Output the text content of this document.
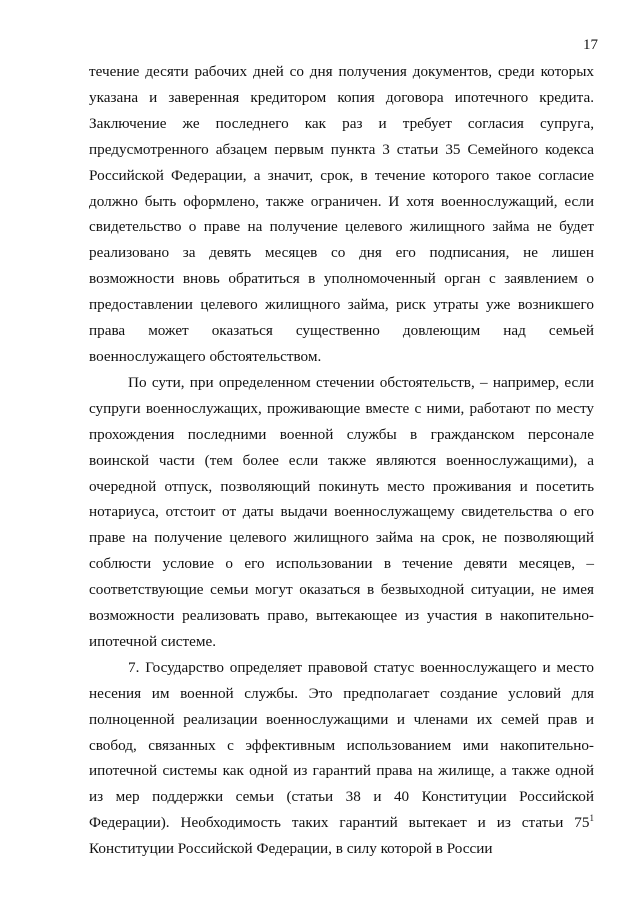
17

течение десяти рабочих дней со дня получения документов, среди которых указана и заверенная кредитором копия договора ипотечного кредита. Заключение же последнего как раз и требует согласия супруга, предусмотренного абзацем первым пункта 3 статьи 35 Семейного кодекса Российской Федерации, а значит, срок, в течение которого такое согласие должно быть оформлено, также ограничен. И хотя военнослужащий, если свидетельство о праве на получение целевого жилищного займа не будет реализовано за девять месяцев со дня его подписания, не лишен возможности вновь обратиться в уполномоченный орган с заявлением о предоставлении целевого жилищного займа, риск утраты уже возникшего права может оказаться существенно довлеющим над семьей военнослужащего обстоятельством.

По сути, при определенном стечении обстоятельств, – например, если супруги военнослужащих, проживающие вместе с ними, работают по месту прохождения последними военной службы в гражданском персонале воинской части (тем более если также являются военнослужащими), а очередной отпуск, позволяющий покинуть место проживания и посетить нотариуса, отстоит от даты выдачи военнослужащему свидетельства о его праве на получение целевого жилищного займа на срок, не позволяющий соблюсти условие о его использовании в течение девяти месяцев, – соответствующие семьи могут оказаться в безвыходной ситуации, не имея возможности реализовать право, вытекающее из участия в накопительно-ипотечной системе.

7. Государство определяет правовой статус военнослужащего и место несения им военной службы. Это предполагает создание условий для полноценной реализации военнослужащими и членами их семей прав и свобод, связанных с эффективным использованием ими накопительно-ипотечной системы как одной из гарантий права на жилище, а также одной из мер поддержки семьи (статьи 38 и 40 Конституции Российской Федерации). Необходимость таких гарантий вытекает и из статьи $75^1$ Конституции Российской Федерации, в силу которой в России
